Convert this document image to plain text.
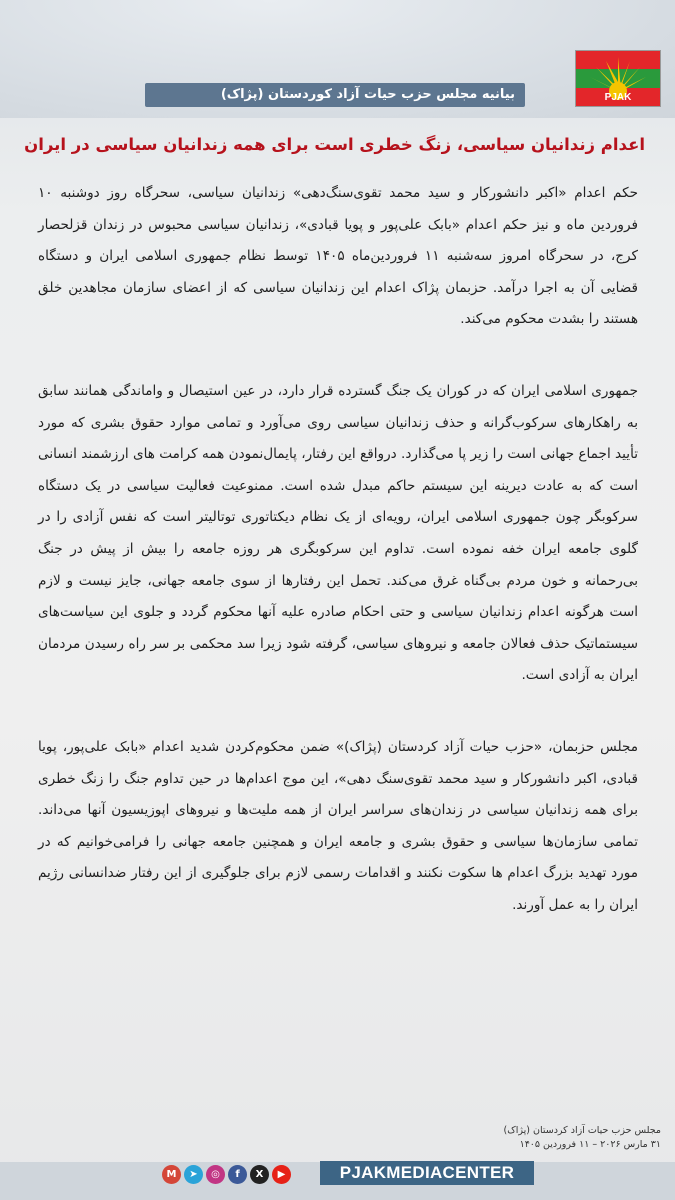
PJAK
بیانیه مجلس حزب حیات آزاد کوردستان (پژاک)
اعدام زندانیان سیاسی، زنگ خطری است برای همه زندانیان سیاسی در ایران

حکم اعدام «اکبر دانشورکار و سید محمد تقوی‌سنگ‌دهی» زندانیان سیاسی، سحرگاه روز دوشنبه ۱۰ فروردین ماه و نیز حکم اعدام «بابک علی‌پور و پویا قبادی»، زندانیان سیاسی محبوس در زندان قزلحصار کرج، در سحرگاه امروز سه‌شنبه ۱۱ فروردین‌ماه ۱۴۰۵ توسط نظام جمهوری اسلامی ایران و دستگاه قضایی آن به اجرا درآمد. حزبمان پژاک اعدام این زندانیان سیاسی که از اعضای سازمان مجاهدین خلق هستند را بشدت محکوم می‌کند.

جمهوری اسلامی ایران که در کوران یک جنگ گسترده قرار دارد، در عین استیصال و واماندگی همانند سابق به راهکارهای سرکوب‌گرانه و حذف زندانیان سیاسی روی می‌آورد و تمامی موارد حقوق بشری که مورد تأیید اجماع جهانی است را زیر پا می‌گذارد. درواقع این رفتار، پایمال‌نمودن همه کرامت های ارزشمند انسانی است که به عادت دیرینه این سیستم حاکم مبدل شده است. ممنوعیت فعالیت سیاسی در یک دستگاه سرکوبگر چون جمهوری اسلامی ایران، رویه‌ای از یک نظام دیکتاتوری توتالیتر است که نفس آزادی را در گلوی جامعه ایران خفه نموده است. تداوم این سرکوبگری هر روزه جامعه را بیش از پیش در جنگ بی‌رحمانه و خون مردم بی‌گناه غرق می‌کند. تحمل این رفتارها از سوی جامعه جهانی، جایز نیست و لازم است هرگونه اعدام زندانیان سیاسی و حتی احکام صادره علیه آنها محکوم گردد و جلوی این سیاست‌های سیستماتیک حذف فعالان جامعه و نیروهای سیاسی، گرفته شود زیرا سد محکمی بر سر راه رسیدن مردمان ایران به آزادی است.

مجلس حزبمان، «حزب حیات آزاد کردستان (پژاک)» ضمن محکوم‌کردن شدید اعدام «بابک علی‌پور، پویا قبادی، اکبر دانشورکار و سید محمد تقوی‌سنگ دهی»، این موج اعدام‌ها در حین تداوم جنگ را زنگ خطری برای همه زندانیان سیاسی در زندان‌های سراسر ایران از همه ملیت‌ها و نیروهای اپوزیسیون آنها می‌داند. تمامی سازمان‌ها سیاسی و حقوق بشری و جامعه ایران و همچنین جامعه جهانی را فرامی‌خوانیم که در مورد تهدید بزرگ اعدام ها سکوت نکنند و اقدامات رسمی لازم برای جلوگیری از این رفتار ضدانسانی رژیم ایران را به عمل آورند.

مجلس حزب حیات آزاد کردستان (پژاک)
۳۱ مارس ۲۰۲۶ – ۱۱ فروردین ۱۴۰۵
M	➤	◎	f	X	▶	PJAKMEDIACENTER
